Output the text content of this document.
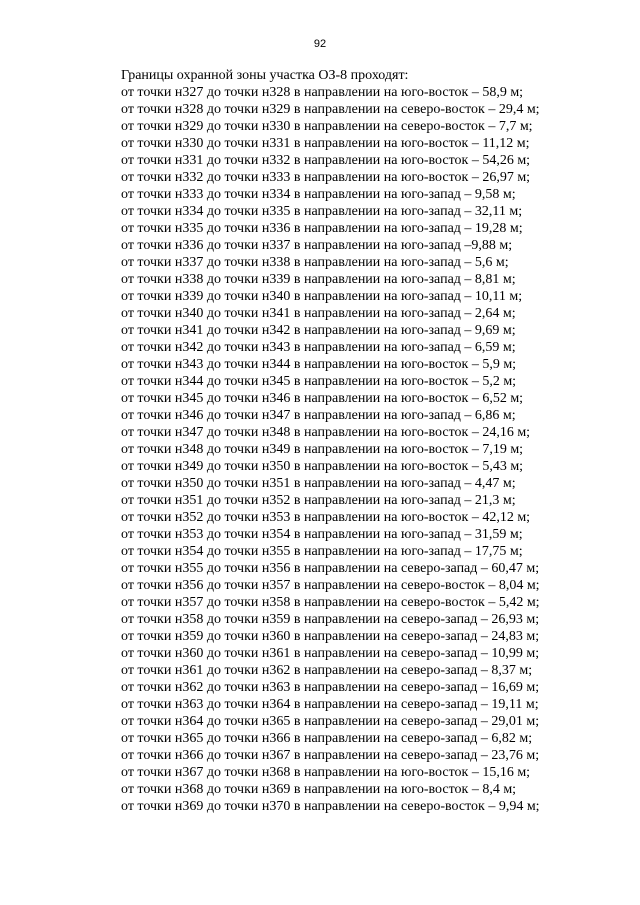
92
Границы охранной зоны участка ОЗ-8 проходят:
от точки н327 до точки н328 в направлении на юго-восток – 58,9 м;
от точки н328 до точки н329 в направлении на северо-восток – 29,4 м;
от точки н329 до точки н330 в направлении на северо-восток – 7,7 м;
от точки н330 до точки н331 в направлении на юго-восток – 11,12 м;
от точки н331 до точки н332 в направлении на юго-восток – 54,26 м;
от точки н332 до точки н333 в направлении на юго-восток – 26,97 м;
от точки н333 до точки н334 в направлении на юго-запад – 9,58 м;
от точки н334 до точки н335 в направлении на юго-запад – 32,11 м;
от точки н335 до точки н336 в направлении на юго-запад – 19,28 м;
от точки н336 до точки н337 в направлении на юго-запад –9,88 м;
от точки н337 до точки н338 в направлении на юго-запад – 5,6 м;
от точки н338 до точки н339 в направлении на юго-запад – 8,81 м;
от точки н339 до точки н340 в направлении на юго-запад – 10,11 м;
от точки н340 до точки н341 в направлении на юго-запад – 2,64 м;
от точки н341 до точки н342 в направлении на юго-запад – 9,69 м;
от точки н342 до точки н343 в направлении на юго-запад – 6,59 м;
от точки н343 до точки н344 в направлении на юго-восток – 5,9 м;
от точки н344 до точки н345 в направлении на юго-восток – 5,2 м;
от точки н345 до точки н346 в направлении на юго-восток – 6,52 м;
от точки н346 до точки н347 в направлении на юго-запад – 6,86 м;
от точки н347 до точки н348 в направлении на юго-восток – 24,16 м;
от точки н348 до точки н349 в направлении на юго-восток – 7,19 м;
от точки н349 до точки н350 в направлении на юго-восток – 5,43 м;
от точки н350 до точки н351 в направлении на юго-запад – 4,47 м;
от точки н351 до точки н352 в направлении на юго-запад – 21,3 м;
от точки н352 до точки н353 в направлении на юго-восток – 42,12 м;
от точки н353 до точки н354 в направлении на юго-запад – 31,59 м;
от точки н354 до точки н355 в направлении на юго-запад – 17,75 м;
от точки н355 до точки н356 в направлении на северо-запад – 60,47 м;
от точки н356 до точки н357 в направлении на северо-восток – 8,04 м;
от точки н357 до точки н358 в направлении на северо-восток – 5,42 м;
от точки н358 до точки н359 в направлении на северо-запад – 26,93 м;
от точки н359 до точки н360 в направлении на северо-запад – 24,83 м;
от точки н360 до точки н361 в направлении на северо-запад – 10,99 м;
от точки н361 до точки н362 в направлении на северо-запад – 8,37 м;
от точки н362 до точки н363 в направлении на северо-запад – 16,69 м;
от точки н363 до точки н364 в направлении на северо-запад – 19,11 м;
от точки н364 до точки н365 в направлении на северо-запад – 29,01 м;
от точки н365 до точки н366 в направлении на северо-запад – 6,82 м;
от точки н366 до точки н367 в направлении на северо-запад – 23,76 м;
от точки н367 до точки н368 в направлении на юго-восток – 15,16 м;
от точки н368 до точки н369 в направлении на юго-восток – 8,4 м;
от точки н369 до точки н370 в направлении на северо-восток – 9,94 м;
